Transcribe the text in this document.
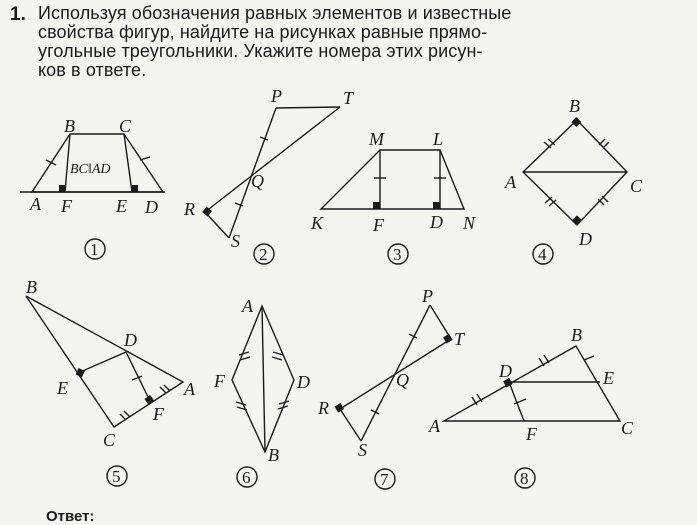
1. Используя обозначения равных элементов и известные
свойства фигур, найдите на рисунках равные прямо-
угольные треугольники. Укажите номера этих рисун-
ков в ответе.
B C
A F E D
BC‖AD
1
P	T
Q
R
S
2
M	L
K	F	D N
3
B
A	C
D
4
B
D
E	A
F
C
5
A
F	D
B
6
P
T
Q
R
S
7
B
D	E
A	F	C
8
Ответ:
